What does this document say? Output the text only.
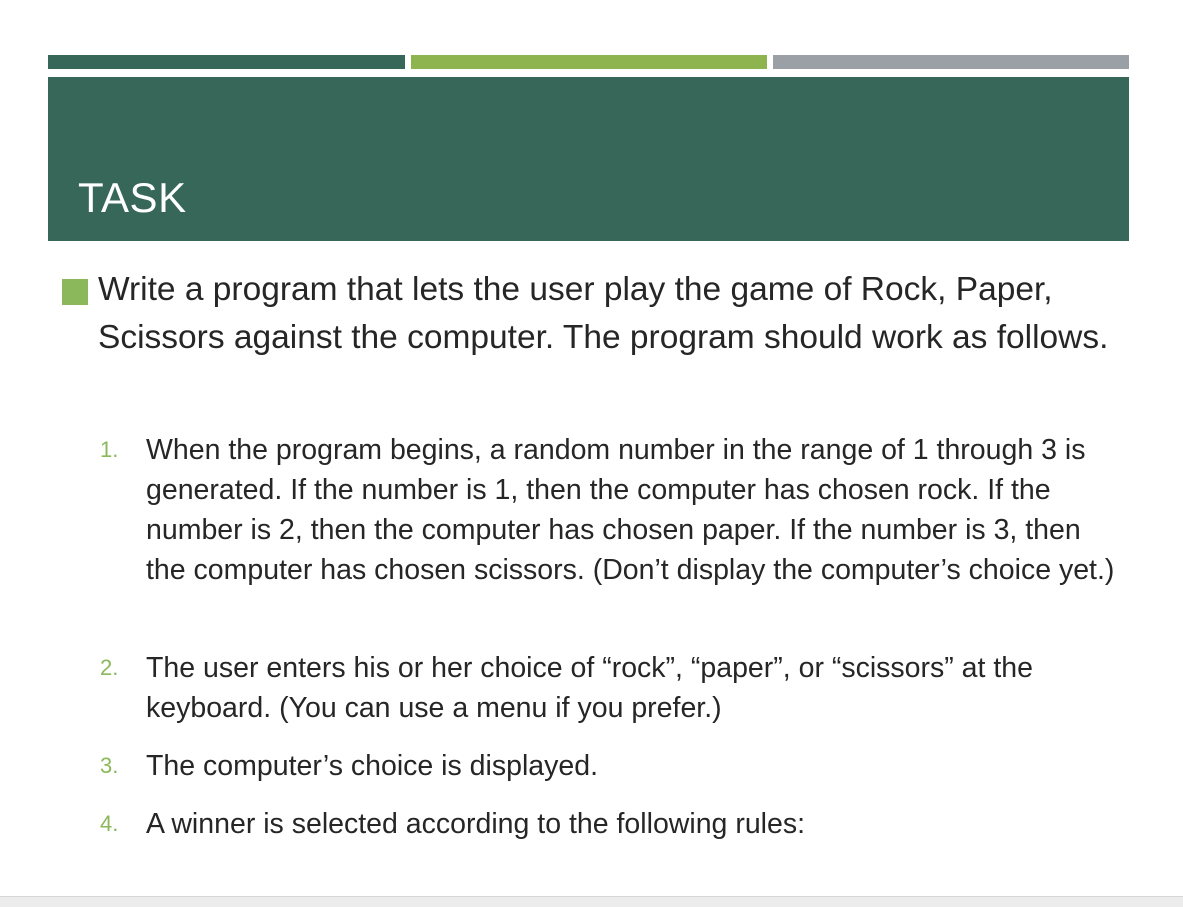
TASK
Write a program that lets the user play the game of Rock, Paper, Scissors against the computer. The program should work as follows.
1. When the program begins, a random number in the range of 1 through 3 is generated. If the number is 1, then the computer has chosen rock. If the number is 2, then the computer has chosen paper. If the number is 3, then the computer has chosen scissors. (Don’t display the computer’s choice yet.)
2. The user enters his or her choice of “rock”, “paper”, or “scissors” at the keyboard. (You can use a menu if you prefer.)
3. The computer’s choice is displayed.
4. A winner is selected according to the following rules:
